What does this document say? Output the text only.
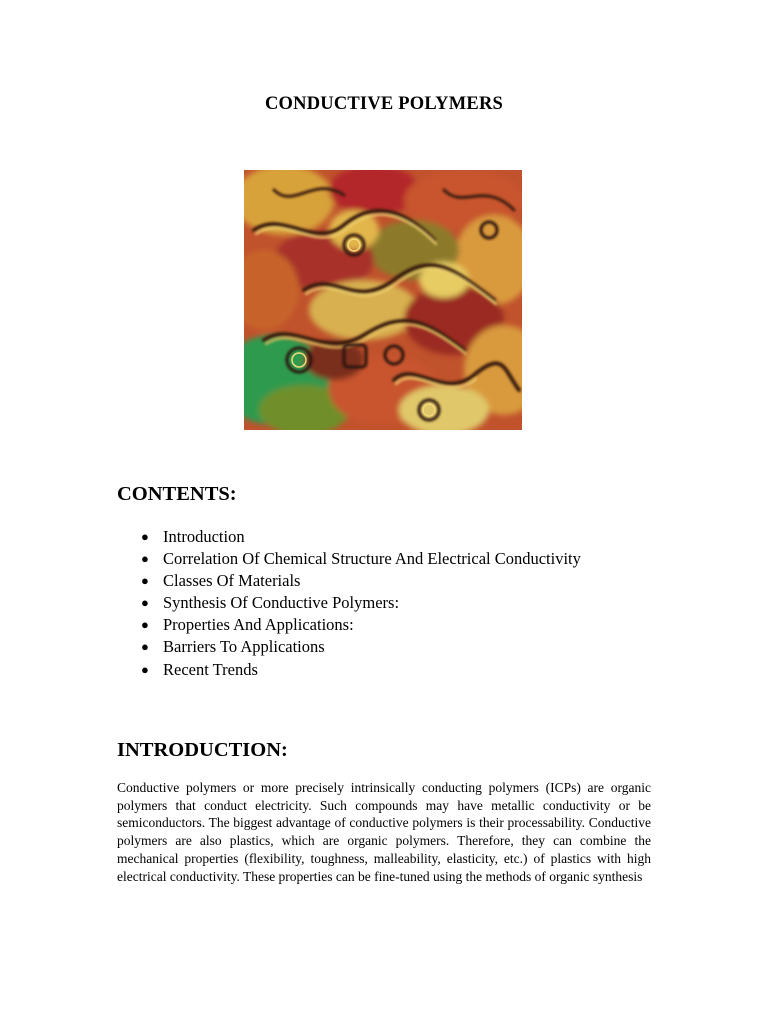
CONDUCTIVE POLYMERS
CONTENTS:
● Introduction
● Correlation Of Chemical Structure And Electrical Conductivity
● Classes Of Materials
● Synthesis Of Conductive Polymers:
● Properties And Applications:
● Barriers To Applications
● Recent Trends
INTRODUCTION:

Conductive polymers or more precisely intrinsically conducting polymers (ICPs) are organic polymers that conduct electricity. Such compounds may have metallic conductivity or be semiconductors. The biggest advantage of conductive polymers is their processability. Conductive polymers are also plastics, which are organic polymers. Therefore, they can combine the mechanical properties (flexibility, toughness, malleability, elasticity, etc.) of plastics with high electrical conductivity. These properties can be fine-tuned using the methods of organic synthesis
